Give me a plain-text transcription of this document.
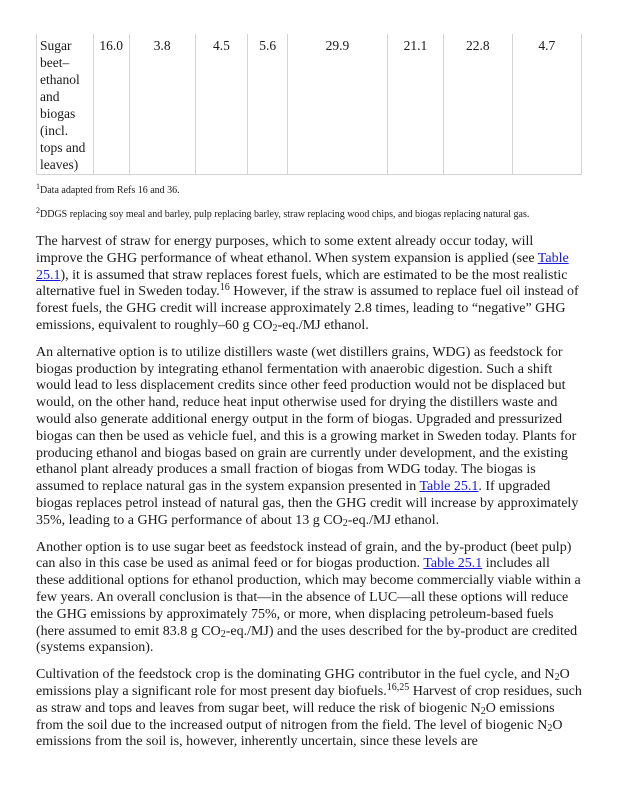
Sugar beet–ethanol and biogas (incl. tops and leaves)	16.0	3.8	4.5	5.6	29.9	21.1	22.8	4.7

$^1$Data adapted from Refs 16 and 36.

$^2$DDGS replacing soy meal and barley, pulp replacing barley, straw replacing wood chips, and biogas replacing natural gas.

The harvest of straw for energy purposes, which to some extent already occur today, will improve the GHG performance of wheat ethanol. When system expansion is applied (see Table 25.1), it is assumed that straw replaces forest fuels, which are estimated to be the most realistic alternative fuel in Sweden today.$^{16}$ However, if the straw is assumed to replace fuel oil instead of forest fuels, the GHG credit will increase approximately 2.8 times, leading to “negative” GHG emissions, equivalent to roughly–60 g $CO_2-eq./MJ$ ethanol.

An alternative option is to utilize distillers waste (wet distillers grains, WDG) as feedstock for biogas production by integrating ethanol fermentation with anaerobic digestion. Such a shift would lead to less displacement credits since other feed production would not be displaced but would, on the other hand, reduce heat input otherwise used for drying the distillers waste and would also generate additional energy output in the form of biogas. Upgraded and pressurized biogas can then be used as vehicle fuel, and this is a growing market in Sweden today. Plants for producing ethanol and biogas based on grain are currently under development, and the existing ethanol plant already produces a small fraction of biogas from WDG today. The biogas is assumed to replace natural gas in the system expansion presented in Table 25.1. If upgraded biogas replaces petrol instead of natural gas, then the GHG credit will increase by approximately 35%, leading to a GHG performance of about 13 g $CO_2-eq./MJ$ ethanol.

Another option is to use sugar beet as feedstock instead of grain, and the by-product (beet pulp) can also in this case be used as animal feed or for biogas production. Table 25.1 includes all these additional options for ethanol production, which may become commercially viable within a few years. An overall conclusion is that—in the absence of LUC—all these options will reduce the GHG emissions by approximately 75%, or more, when displacing petroleum-based fuels (here assumed to emit 83.8 g $CO_2-eq./MJ$) and the uses described for the by-product are credited (systems expansion).

Cultivation of the feedstock crop is the dominating GHG contributor in the fuel cycle, and $N_2O$ emissions play a significant role for most present day biofuels.$^{16,25}$ Harvest of crop residues, such as straw and tops and leaves from sugar beet, will reduce the risk of biogenic $N_2O$ emissions from the soil due to the increased output of nitrogen from the field. The level of biogenic $N_2O$ emissions from the soil is, however, inherently uncertain, since these levels are
